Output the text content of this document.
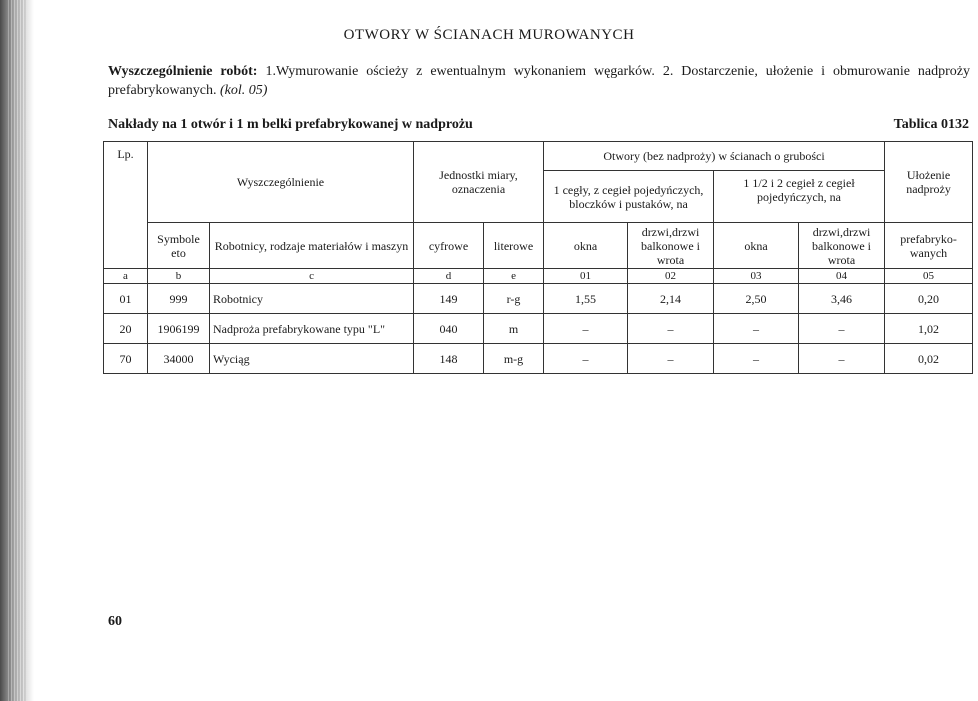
OTWORY W ŚCIANACH MUROWANYCH
Wyszczególnienie robót: 1.Wymurowanie ościeży z ewentualnym wykonaniem węgarków. 2. Dostarczenie, ułożenie i obmurowanie nadproży prefabrykowanych. (kol. 05)
Nakłady na 1 otwór i 1 m belki prefabrykowanej w nadprożu	Tablica 0132
Lp.	Wyszczególnienie		Jednostki miary, oznaczenia		Otwory (bez nadproży) w ścianach o grubości				Ułożenie nadproży
					1 cegły, z cegieł pojedyńczych, bloczków i pustaków, na		1 1/2 i 2 cegieł z cegieł pojedyńczych, na		
	Symbole eto	Robotnicy, rodzaje materiałów i maszyn	cyfrowe	literowe	okna	drzwi,drzwi balkonowe i wrota	okna	drzwi,drzwi balkonowe i wrota	prefabryko-wanych
a	b	c	d	e	01	02	03	04	05
01	999	Robotnicy	149	r-g	1,55	2,14	2,50	3,46	0,20
20	1906199	Nadproża prefabrykowane typu "L"	040	m	–	–	–	–	1,02
70	34000	Wyciąg	148	m-g	–	–	–	–	0,02
60
